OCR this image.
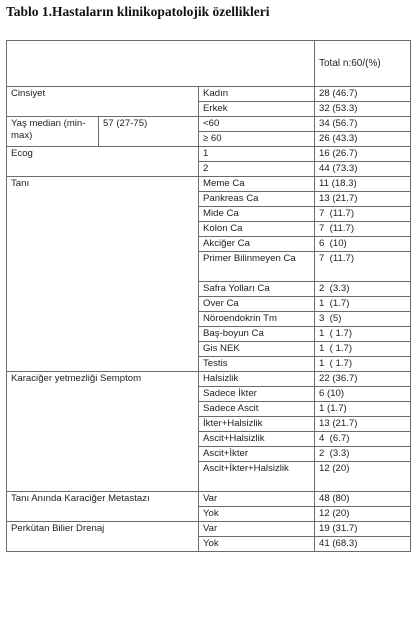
Tablo 1.Hastaların klinikopatolojik özellikleri
			Total n:60/(%)
Cinsiyet		Kadın	28 (46.7)
		Erkek	32 (53.3)
Yaş median (min-max)	57 (27-75)	<60	34 (56.7)
		≥ 60	26 (43.3)
Ecog		1	16 (26.7)
		2	44 (73.3)
Tanı		Meme Ca	11 (18.3)
		Pankreas Ca	13 (21.7)
		Mide Ca	7  (11.7)
		Kolon Ca	7  (11.7)
		Akciğer Ca	6  (10)
		Primer Bilinmeyen Ca	7  (11.7)
		Safra Yolları Ca	2  (3.3)
		Over Ca	1  (1.7)
		Nöroendokrin Tm	3  (5)
		Baş-boyun Ca	1  ( 1.7)
		Gis NEK	1  ( 1.7)
		Testis	1  ( 1.7)
Karaciğer yetmezliği Semptom		Halsizlik	22 (36.7)
		Sadece İkter	6 (10)
		Sadece Ascit	1 (1.7)
		İkter+Halsizlik	13 (21.7)
		Ascit+Halsizlik	4  (6.7)
		Ascit+İkter	2  (3.3)
		Ascit+İkter+Halsizlik	12 (20)
Tanı Anında Karaciğer Metastazı		Var	48 (80)
		Yok	12 (20)
Perkütan Bilier Drenaj		Var	19 (31.7)
		Yok	41 (68.3)
